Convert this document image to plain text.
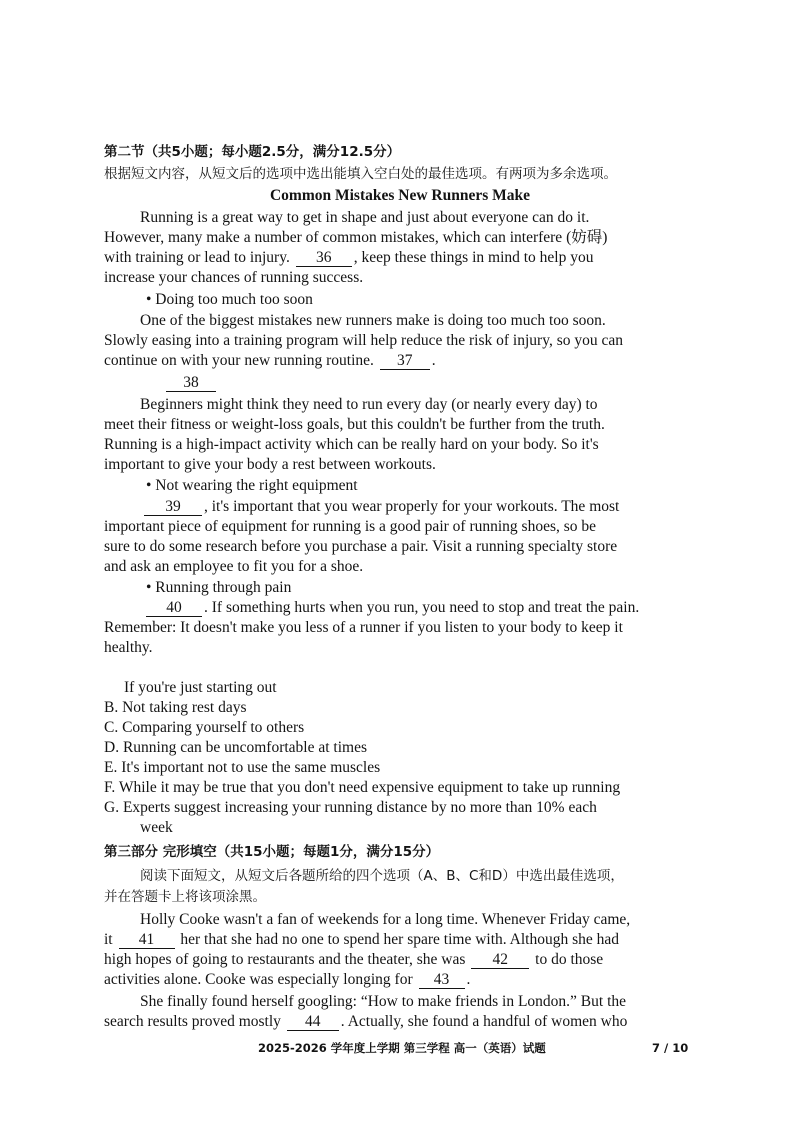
第二节（共5小题；每小题2.5分，满分12.5分）
根据短文内容，从短文后的选项中选出能填入空白处的最佳选项。有两项为多余选项。
Common Mistakes New Runners Make
Running is a great way to get in shape and just about everyone can do it.
However, many make a number of common mistakes, which can interfere (妨碍)
with training or lead to injury. 36 , keep these things in mind to help you
increase your chances of running success.
• Doing too much too soon
One of the biggest mistakes new runners make is doing too much too soon.
Slowly easing into a training program will help reduce the risk of injury, so you can
continue on with your new running routine. 37 .
38
Beginners might think they need to run every day (or nearly every day) to
meet their fitness or weight-loss goals, but this couldn't be further from the truth.
Running is a high-impact activity which can be really hard on your body. So it's
important to give your body a rest between workouts.
• Not wearing the right equipment
39 , it's important that you wear properly for your workouts. The most
important piece of equipment for running is a good pair of running shoes, so be
sure to do some research before you purchase a pair. Visit a running specialty store
and ask an employee to fit you for a shoe.
• Running through pain
40 . If something hurts when you run, you need to stop and treat the pain.
Remember: It doesn't make you less of a runner if you listen to your body to keep it
healthy.
If you're just starting out
B. Not taking rest days
C. Comparing yourself to others
D. Running can be uncomfortable at times
E. It's important not to use the same muscles
F. While it may be true that you don't need expensive equipment to take up running
G. Experts suggest increasing your running distance by no more than 10% each
week
第三部分 完形填空（共15小题；每题1分，满分15分）
阅读下面短文，从短文后各题所给的四个选项（A、B、C和D）中选出最佳选项，
并在答题卡上将该项涂黑。
Holly Cooke wasn't a fan of weekends for a long time. Whenever Friday came,
it 41 her that she had no one to spend her spare time with. Although she had
high hopes of going to restaurants and the theater, she was 42 to do those
activities alone. Cooke was especially longing for 43 .
She finally found herself googling: “How to make friends in London.” But the
search results proved mostly 44 . Actually, she found a handful of women who
2025-2026 学年度上学期 第三学程 高一（英语）试题	7 / 10
